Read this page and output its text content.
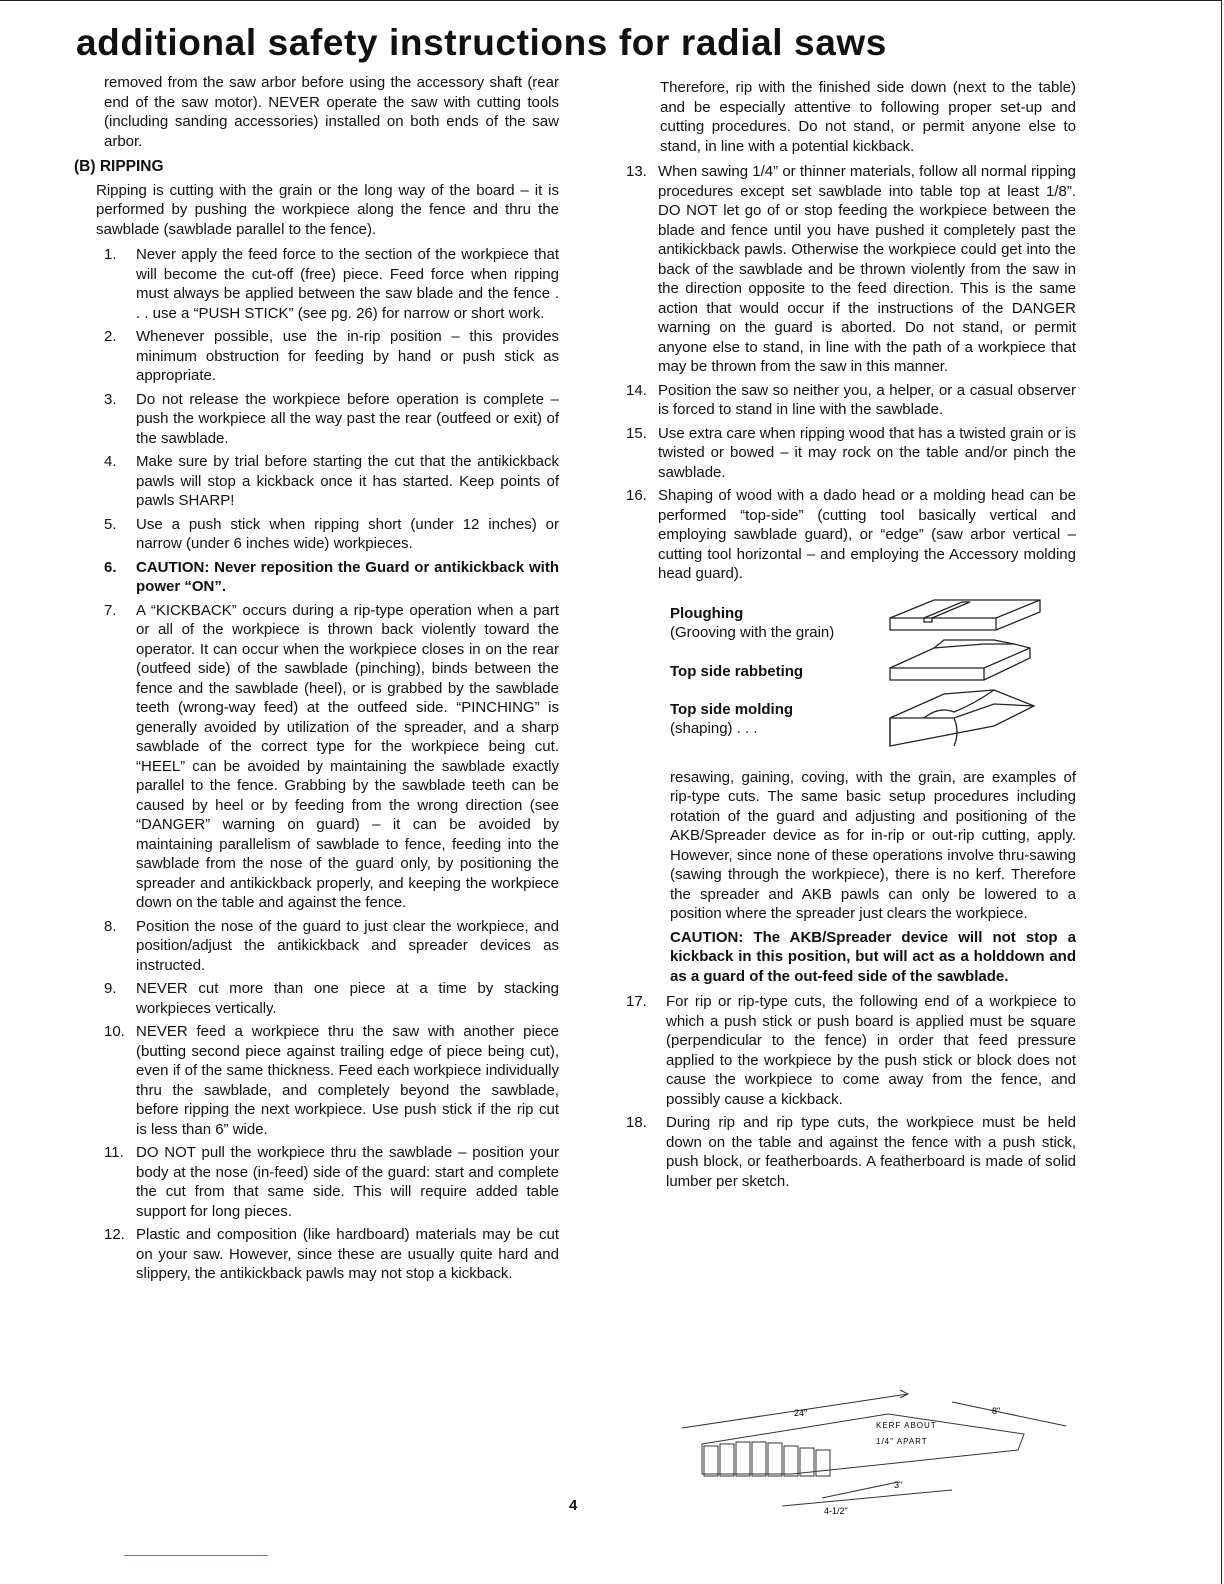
additional safety instructions for radial saws

removed from the saw arbor before using the accessory shaft (rear end of the saw motor). NEVER operate the saw with cutting tools (including sanding accessories) installed on both ends of the saw arbor.

(B) RIPPING

Ripping is cutting with the grain or the long way of the board – it is performed by pushing the workpiece along the fence and thru the sawblade (sawblade parallel to the fence).

1. Never apply the feed force to the section of the workpiece that will become the cut-off (free) piece. Feed force when ripping must always be applied between the saw blade and the fence . . . use a “PUSH STICK” (see pg. 26) for narrow or short work.
2. Whenever possible, use the in-rip position – this provides minimum obstruction for feeding by hand or push stick as appropriate.
3. Do not release the workpiece before operation is complete – push the workpiece all the way past the rear (outfeed or exit) of the sawblade.
4. Make sure by trial before starting the cut that the antikickback pawls will stop a kickback once it has started. Keep points of pawls SHARP!
5. Use a push stick when ripping short (under 12 inches) or narrow (under 6 inches wide) workpieces.
6. CAUTION: Never reposition the Guard or antikickback with power “ON”.
7. A “KICKBACK” occurs during a rip-type operation when a part or all of the workpiece is thrown back violently toward the operator. It can occur when the workpiece closes in on the rear (outfeed side) of the sawblade (pinching), binds between the fence and the sawblade (heel), or is grabbed by the sawblade teeth (wrong-way feed) at the outfeed side. “PINCHING” is generally avoided by utilization of the spreader, and a sharp sawblade of the correct type for the workpiece being cut. “HEEL” can be avoided by maintaining the sawblade exactly parallel to the fence. Grabbing by the sawblade teeth can be caused by heel or by feeding from the wrong direction (see “DANGER” warning on guard) – it can be avoided by maintaining parallelism of sawblade to fence, feeding into the sawblade from the nose of the guard only, by positioning the spreader and antikickback properly, and keeping the workpiece down on the table and against the fence.
8. Position the nose of the guard to just clear the workpiece, and position/adjust the antikickback and spreader devices as instructed.
9. NEVER cut more than one piece at a time by stacking workpieces vertically.
10. NEVER feed a workpiece thru the saw with another piece (butting second piece against trailing edge of piece being cut), even if of the same thickness. Feed each workpiece individually thru the sawblade, and completely beyond the sawblade, before ripping the next workpiece. Use push stick if the rip cut is less than 6” wide.
11. DO NOT pull the workpiece thru the sawblade – position your body at the nose (in-feed) side of the guard: start and complete the cut from that same side. This will require added table support for long pieces.
12. Plastic and composition (like hardboard) materials may be cut on your saw. However, since these are usually quite hard and slippery, the antikickback pawls may not stop a kickback.

Therefore, rip with the finished side down (next to the table) and be especially attentive to following proper set-up and cutting procedures. Do not stand, or permit anyone else to stand, in line with a potential kickback.

13. When sawing 1/4” or thinner materials, follow all normal ripping procedures except set sawblade into table top at least 1/8”. DO NOT let go of or stop feeding the workpiece between the blade and fence until you have pushed it completely past the antikickback pawls. Otherwise the workpiece could get into the back of the sawblade and be thrown violently from the saw in the direction opposite to the feed direction. This is the same action that would occur if the instructions of the DANGER warning on the guard is aborted. Do not stand, or permit anyone else to stand, in line with the path of a workpiece that may be thrown from the saw in this manner.
14. Position the saw so neither you, a helper, or a casual observer is forced to stand in line with the sawblade.
15. Use extra care when ripping wood that has a twisted grain or is twisted or bowed – it may rock on the table and/or pinch the sawblade.
16. Shaping of wood with a dado head or a molding head can be performed “top-side” (cutting tool basically vertical and employing sawblade guard), or “edge” (saw arbor vertical – cutting tool horizontal – and employing the Accessory molding head guard).
Ploughing
(Grooving with the grain)
Top side rabbeting
Top side molding
(shaping) . . .

resawing, gaining, coving, with the grain, are examples of rip-type cuts. The same basic setup procedures including rotation of the guard and adjusting and positioning of the AKB/Spreader device as for in-rip or out-rip cutting, apply. However, since none of these operations involve thru-sawing (sawing through the workpiece), there is no kerf. Therefore the spreader and AKB pawls can only be lowered to a position where the spreader just clears the workpiece.

CAUTION: The AKB/Spreader device will not stop a kickback in this position, but will act as a holddown and as a guard of the out-feed side of the sawblade.

17. For rip or rip-type cuts, the following end of a workpiece to which a push stick or push board is applied must be square (perpendicular to the fence) in order that feed pressure applied to the workpiece by the push stick or block does not cause the workpiece to come away from the fence, and possibly cause a kickback.
18. During rip and rip type cuts, the workpiece must be held down on the table and against the fence with a push stick, push block, or featherboards. A featherboard is made of solid lumber per sketch.
24"	8"
KERF ABOUT
1/4" APART
3"
4-1/2"
4
